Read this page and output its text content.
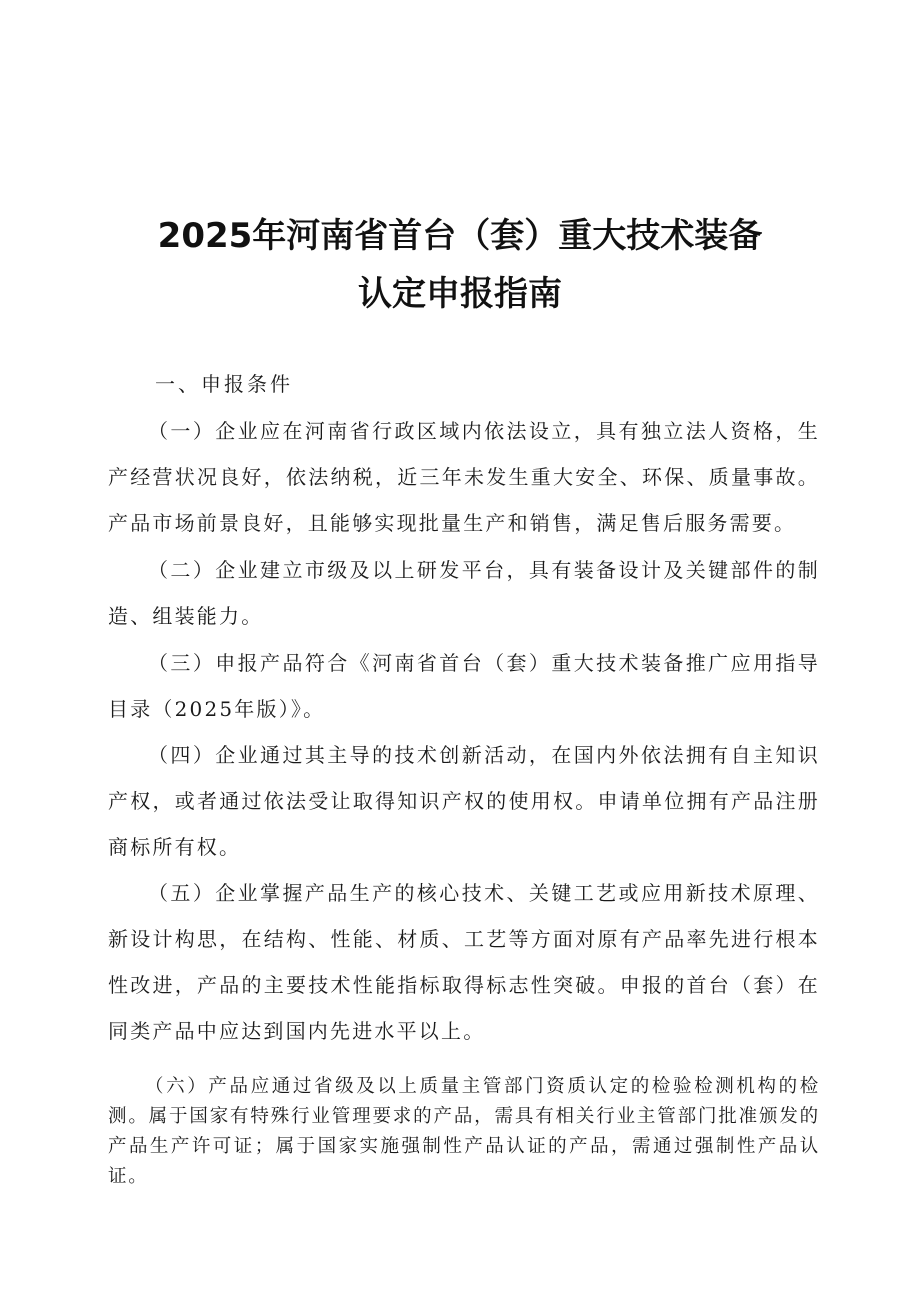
2025年河南省首台（套）重大技术装备
认定申报指南
一、申报条件

（一）企业应在河南省行政区域内依法设立，具有独立法人资格，生产经营状况良好，依法纳税，近三年未发生重大安全、环保、质量事故。产品市场前景良好，且能够实现批量生产和销售，满足售后服务需要。

（二）企业建立市级及以上研发平台，具有装备设计及关键部件的制造、组装能力。

（三）申报产品符合《河南省首台（套）重大技术装备推广应用指导目录（2025年版）》。

（四）企业通过其主导的技术创新活动，在国内外依法拥有自主知识产权，或者通过依法受让取得知识产权的使用权。申请单位拥有产品注册商标所有权。

（五）企业掌握产品生产的核心技术、关键工艺或应用新技术原理、新设计构思，在结构、性能、材质、工艺等方面对原有产品率先进行根本性改进，产品的主要技术性能指标取得标志性突破。申报的首台（套）在同类产品中应达到国内先进水平以上。

（六）产品应通过省级及以上质量主管部门资质认定的检验检测机构的检测。属于国家有特殊行业管理要求的产品，需具有相关行业主管部门批准颁发的产品生产许可证；属于国家实施强制性产品认证的产品，需通过强制性产品认证。
